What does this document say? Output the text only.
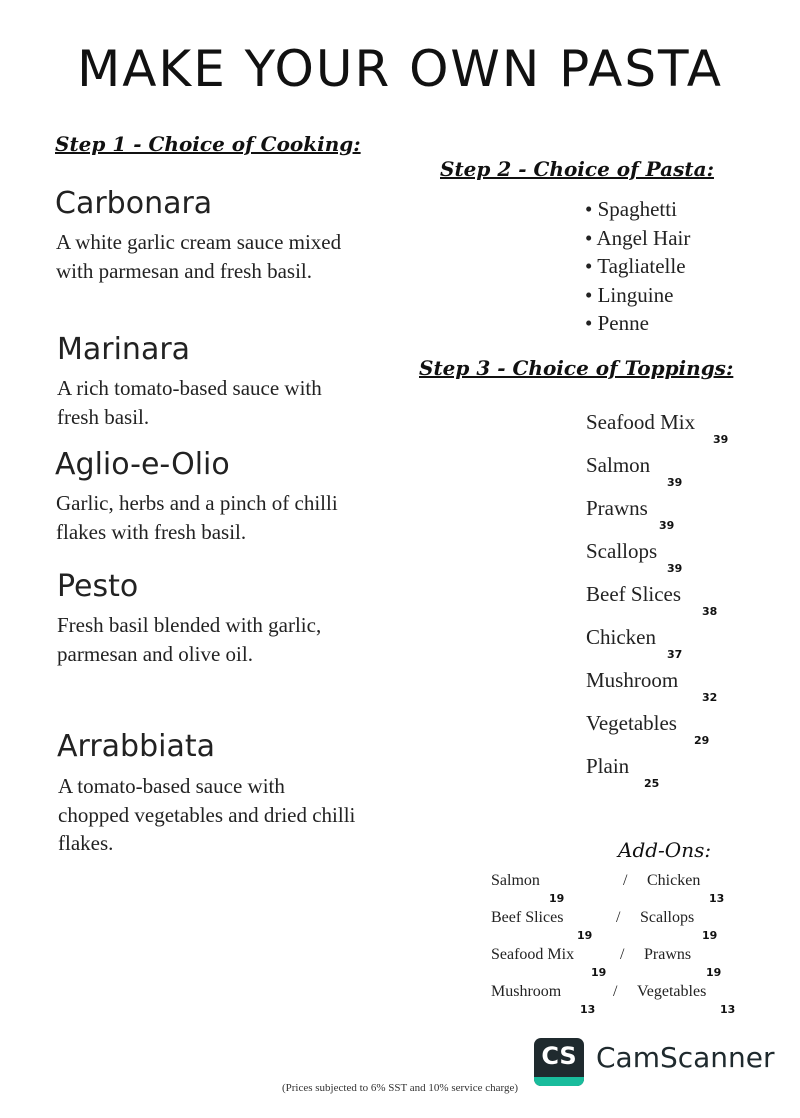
MAKE YOUR OWN PASTA
Step 1 - Choice of Cooking:
Carbonara
A white garlic cream sauce mixed with parmesan and fresh basil.
Marinara
A rich tomato-based sauce with fresh basil.
Aglio-e-Olio
Garlic, herbs and a pinch of chilli flakes with fresh basil.
Pesto
Fresh basil blended with garlic, parmesan and olive oil.
Arrabbiata
A tomato-based sauce with chopped vegetables and dried chilli flakes.
Step 2 - Choice of Pasta:
• Spaghetti
• Angel Hair
• Tagliatelle
• Linguine
• Penne
Step 3 - Choice of Toppings:
Seafood Mix
39
Salmon
39
Prawns
39
Scallops
39
Beef Slices
38
Chicken
37
Mushroom
32
Vegetables
29
Plain
25
Add-Ons:
Salmon	/ Chicken
19	13
Beef Slices	/ Scallops
19	19
Seafood Mix	/ Prawns
19	19
Mushroom	/ Vegetables
13	13
CS CamScanner
(Prices subjected to 6% SST and 10% service charge)
